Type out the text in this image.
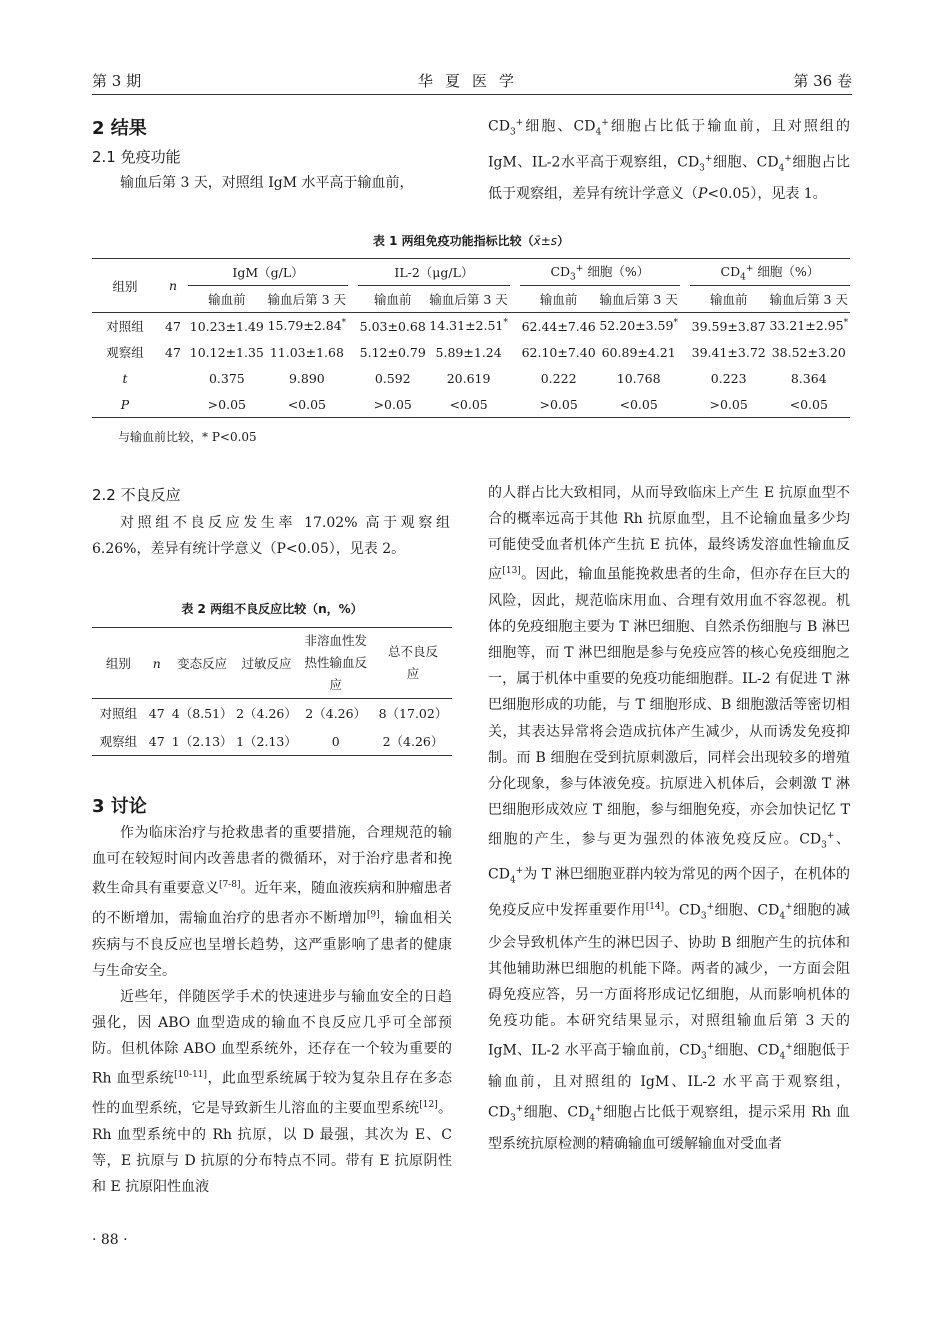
第 3 期	华夏医学	第 36 卷
2 结果
2.1 免疫功能

输血后第 3 天，对照组 IgM 水平高于输血前，

$CD_3^+$细胞、$CD_4^+$细胞占比低于输血前，且对照组的 IgM、IL-2水平高于观察组，$CD_3^+$细胞、$CD_4^+$细胞占比低于观察组，差异有统计学意义（P<0.05），见表 1。

表 1 两组免疫功能指标比较（x̄±s）
组别	n	IgM（g/L）			IL-2（μg/L）			$CD_3^+$ 细胞（%）			$CD_4^+$ 细胞（%）	
		输血前	输血后第 3 天		输血前	输血后第 3 天		输血前	输血后第 3 天		输血前	输血后第 3 天
对照组	47	10.23±1.49	15.79±2.84*		5.03±0.68	14.31±2.51*		62.44±7.46	52.20±3.59*		39.59±3.87	33.21±2.95*
观察组	47	10.12±1.35	11.03±1.68		5.12±0.79	5.89±1.24		62.10±7.40	60.89±4.21		39.41±3.72	38.52±3.20
t		0.375	9.890		0.592	20.619		0.222	10.768		0.223	8.364
P		>0.05	<0.05		>0.05	<0.05		>0.05	<0.05		>0.05	<0.05
与输血前比较，* P<0.05
2.2 不良反应

对照组不良反应发生率 17.02% 高于观察组 6.26%，差异有统计学意义（P<0.05），见表 2。

表 2 两组不良反应比较（n，%）
组别	n	变态反应	过敏反应	非溶血性发热性输血反应	总不良反应
对照组	47	4（8.51）	2（4.26）	2（4.26）	8（17.02）
观察组	47	1（2.13）	1（2.13）	0	2（4.26）
3 讨论

作为临床治疗与抢救患者的重要措施，合理规范的输血可在较短时间内改善患者的微循环，对于治疗患者和挽救生命具有重要意义[7-8]。近年来，随血液疾病和肿瘤患者的不断增加，需输血治疗的患者亦不断增加[9]，输血相关疾病与不良反应也呈增长趋势，这严重影响了患者的健康与生命安全。

近些年，伴随医学手术的快速进步与输血安全的日趋强化，因 ABO 血型造成的输血不良反应几乎可全部预防。但机体除 ABO 血型系统外，还存在一个较为重要的 Rh 血型系统[10-11]，此血型系统属于较为复杂且存在多态性的血型系统，它是导致新生儿溶血的主要血型系统[12]。Rh 血型系统中的 Rh 抗原，以 D 最强，其次为 E、C 等，E 抗原与 D 抗原的分布特点不同。带有 E 抗原阴性和 E 抗原阳性血液

的人群占比大致相同，从而导致临床上产生 E 抗原血型不合的概率远高于其他 Rh 抗原血型，且不论输血量多少均可能使受血者机体产生抗 E 抗体，最终诱发溶血性输血反应[13]。因此，输血虽能挽救患者的生命，但亦存在巨大的风险，因此，规范临床用血、合理有效用血不容忽视。机体的免疫细胞主要为 T 淋巴细胞、自然杀伤细胞与 B 淋巴细胞等，而 T 淋巴细胞是参与免疫应答的核心免疫细胞之一，属于机体中重要的免疫功能细胞群。IL-2 有促进 T 淋巴细胞形成的功能，与 T 细胞形成、B 细胞激活等密切相关，其表达异常将会造成抗体产生减少，从而诱发免疫抑制。而 B 细胞在受到抗原刺激后，同样会出现较多的增殖分化现象，参与体液免疫。抗原进入机体后，会刺激 T 淋巴细胞形成效应 T 细胞，参与细胞免疫，亦会加快记忆 T 细胞的产生，参与更为强烈的体液免疫反应。$CD_3^+$、$CD_4^+$为 T 淋巴细胞亚群内较为常见的两个因子，在机体的免疫反应中发挥重要作用[14]。$CD_3^+$细胞、$CD_4^+$细胞的减少会导致机体产生的淋巴因子、协助 B 细胞产生的抗体和其他辅助淋巴细胞的机能下降。两者的减少，一方面会阻碍免疫应答，另一方面将形成记忆细胞，从而影响机体的免疫功能。本研究结果显示，对照组输血后第 3 天的 IgM、IL-2 水平高于输血前，$CD_3^+$细胞、$CD_4^+$细胞低于输血前，且对照组的 IgM、IL-2 水平高于观察组，$CD_3^+$细胞、$CD_4^+$细胞占比低于观察组，提示采用 Rh 血型系统抗原检测的精确输血可缓解输血对受血者

· 88 ·
